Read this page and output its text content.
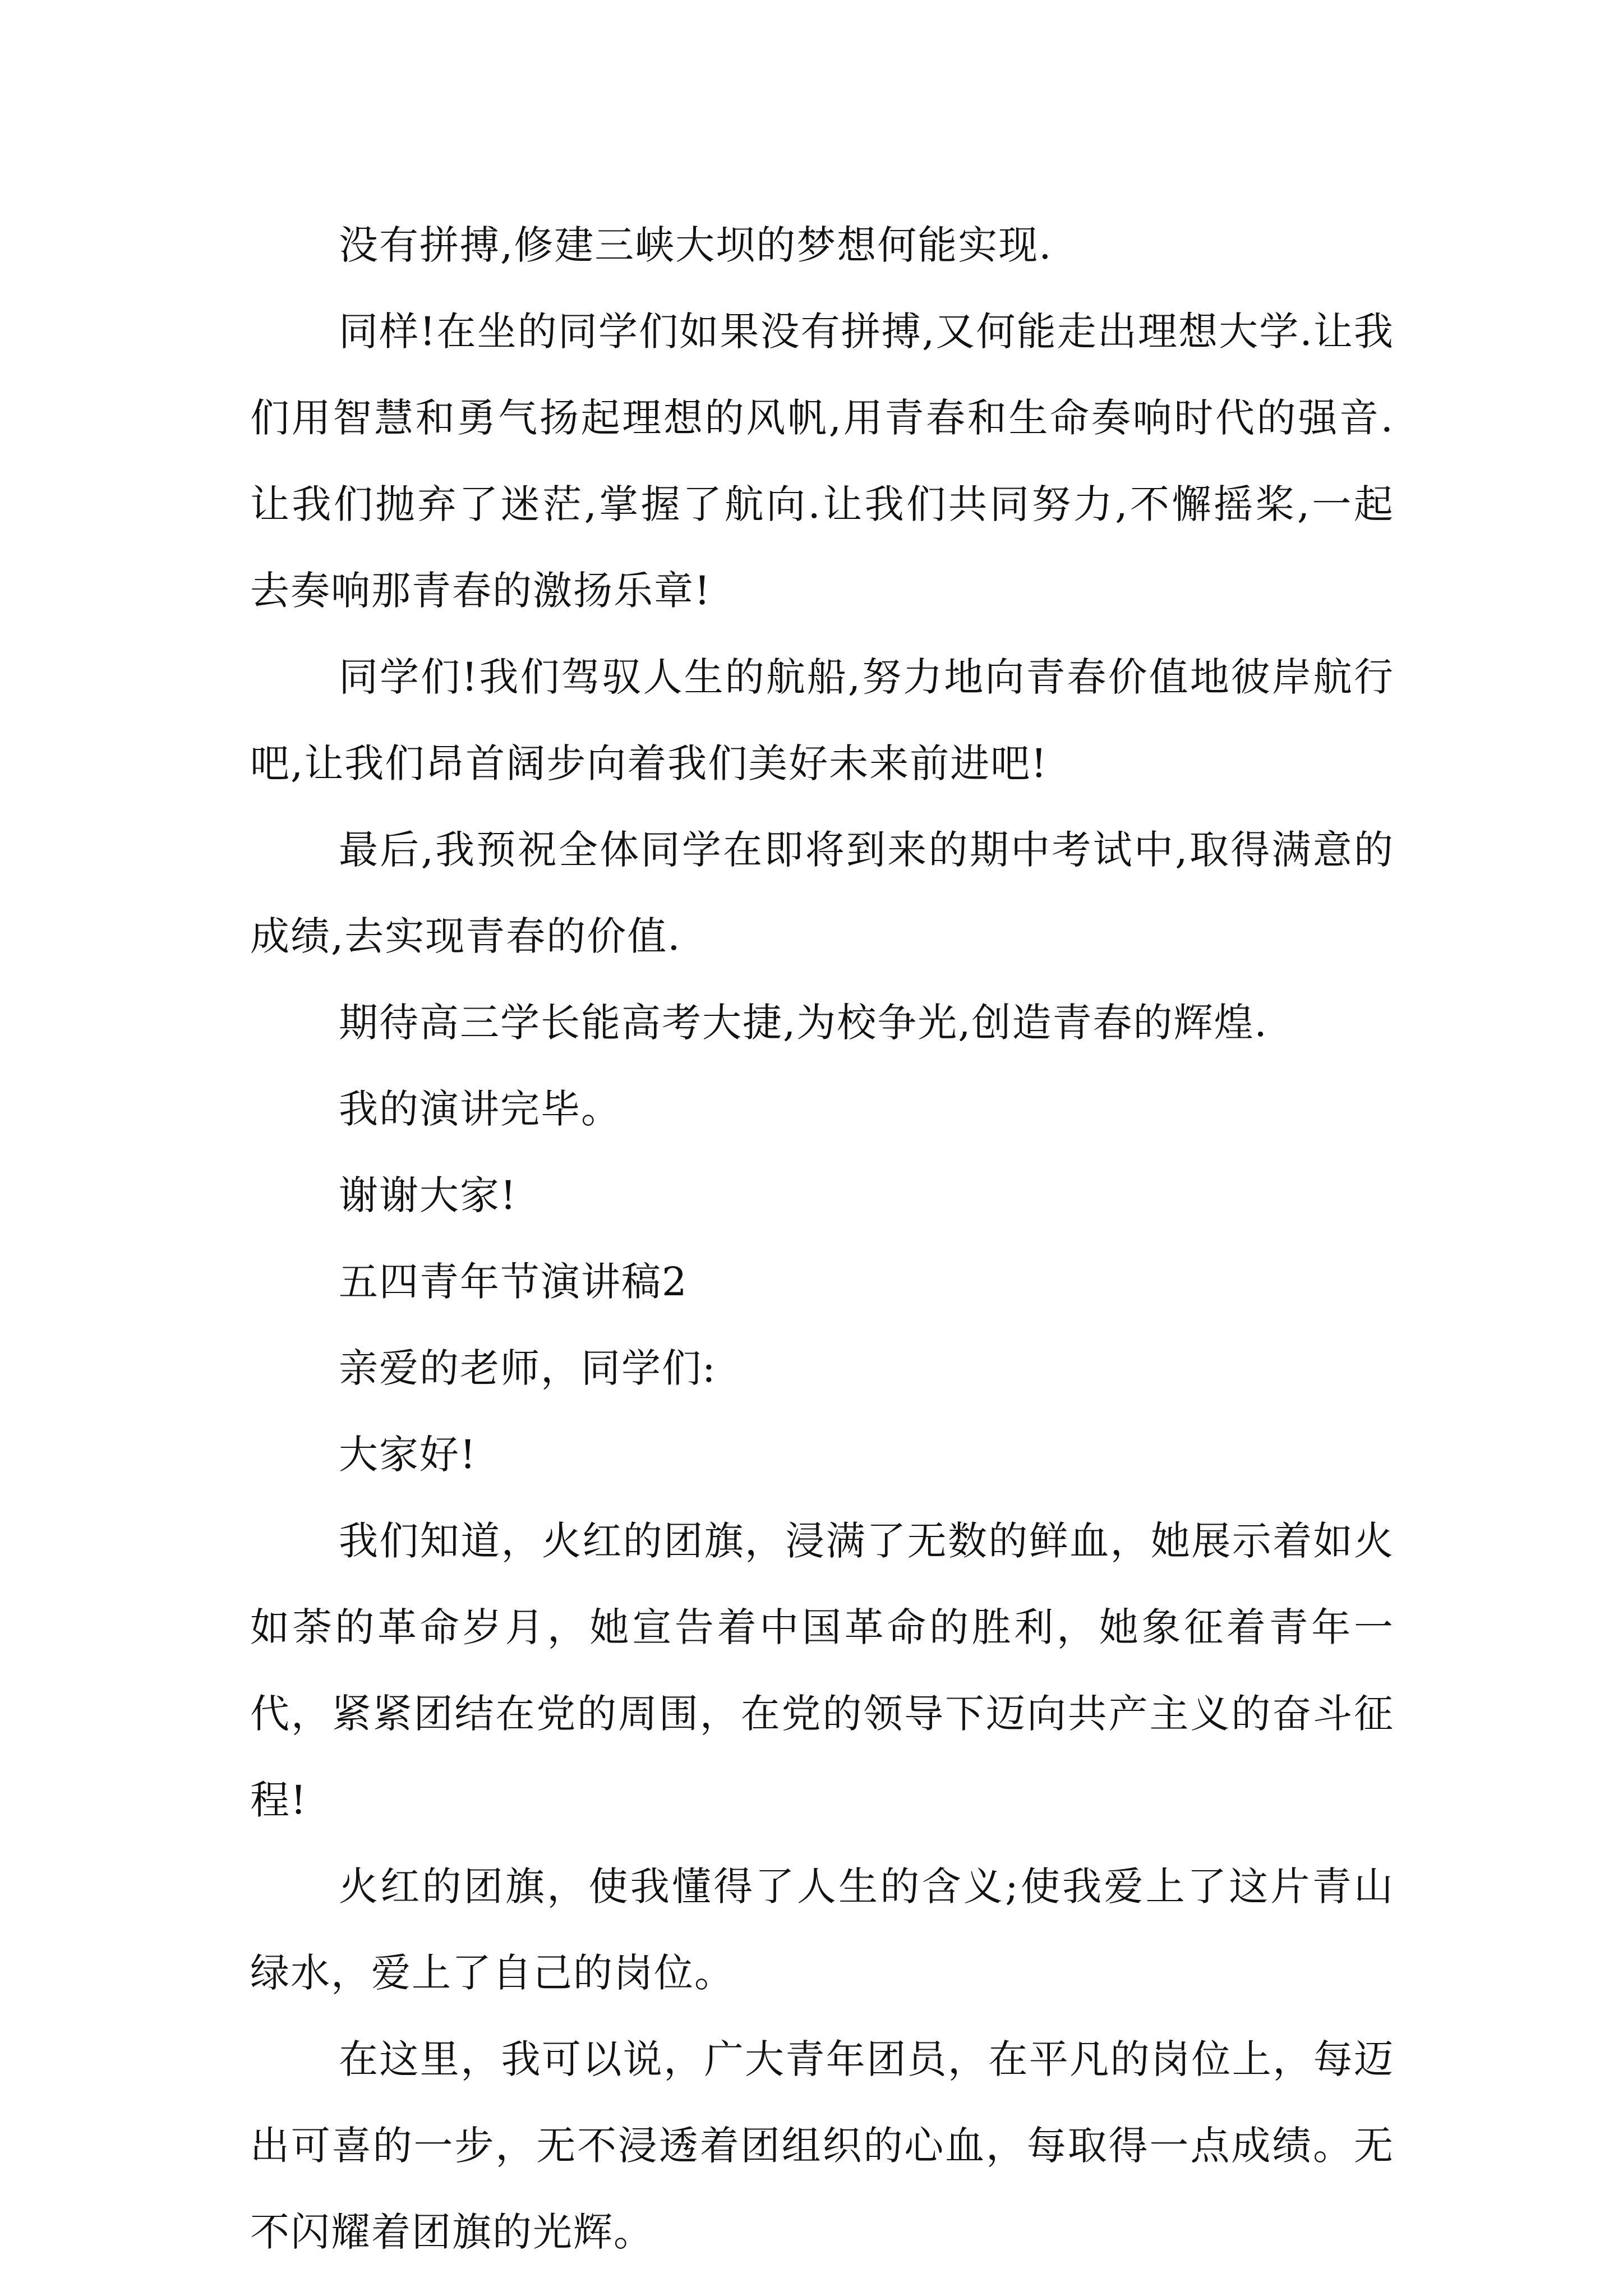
没有拼搏,修建三峡大坝的梦想何能实现.

同样!在坐的同学们如果没有拼搏,又何能走出理想大学.让我们用智慧和勇气扬起理想的风帆,用青春和生命奏响时代的强音.让我们抛弃了迷茫,掌握了航向.让我们共同努力,不懈摇桨,一起去奏响那青春的激扬乐章!

同学们!我们驾驭人生的航船,努力地向青春价值地彼岸航行吧,让我们昂首阔步向着我们美好未来前进吧!

最后,我预祝全体同学在即将到来的期中考试中,取得满意的成绩,去实现青春的价值.

期待高三学长能高考大捷,为校争光,创造青春的辉煌.

我的演讲完毕。

谢谢大家!

五四青年节演讲稿2

亲爱的老师，同学们:

大家好!

我们知道，火红的团旗，浸满了无数的鲜血，她展示着如火如荼的革命岁月，她宣告着中国革命的胜利，她象征着青年一代，紧紧团结在党的周围，在党的领导下迈向共产主义的奋斗征程!

火红的团旗，使我懂得了人生的含义;使我爱上了这片青山绿水，爱上了自己的岗位。

在这里，我可以说，广大青年团员，在平凡的岗位上，每迈出可喜的一步，无不浸透着团组织的心血，每取得一点成绩。无不闪耀着团旗的光辉。
